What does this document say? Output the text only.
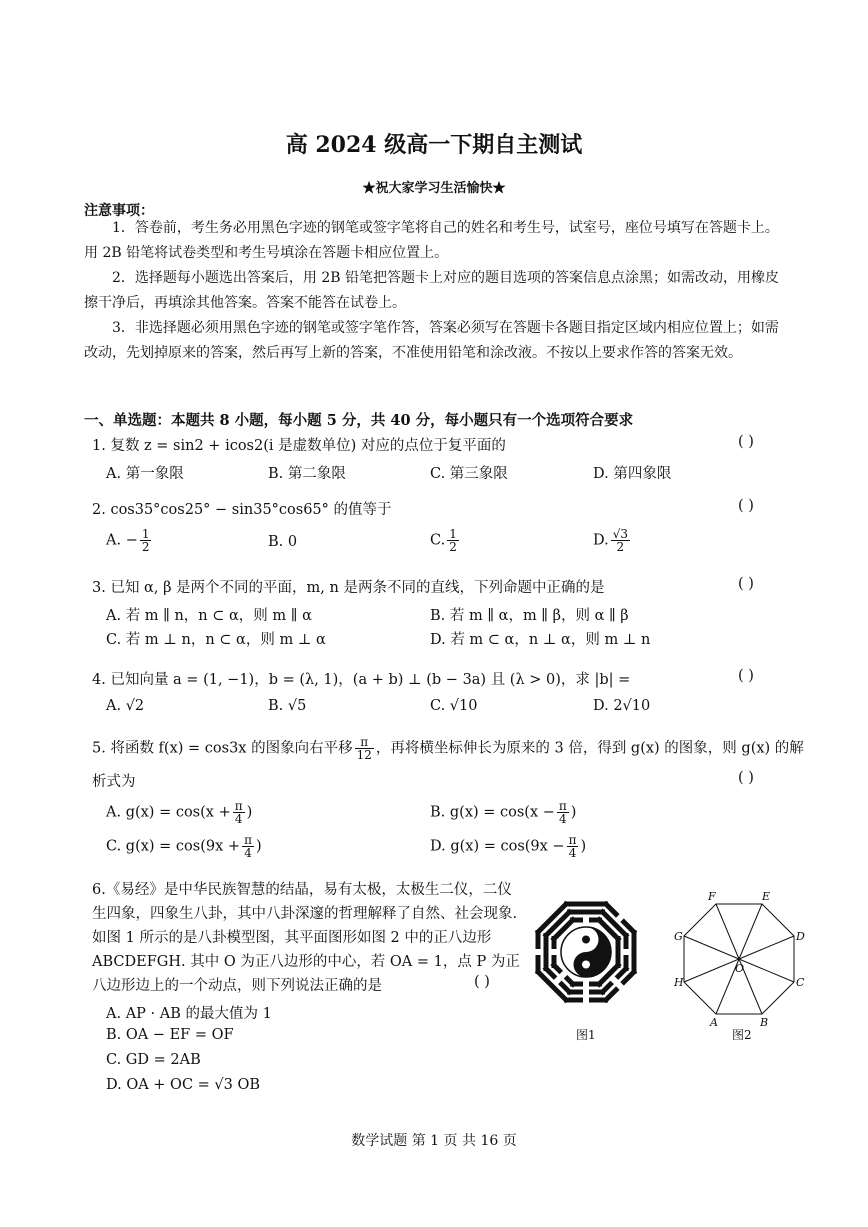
高 2024 级高一下期自主测试
★祝大家学习生活愉快★
注意事项：
1．答卷前，考生务必用黑色字迹的钢笔或签字笔将自己的姓名和考生号，试室号，座位号填写在答题卡上。用 2B 铅笔将试卷类型和考生号填涂在答题卡相应位置上。
2．选择题每小题选出答案后，用 2B 铅笔把答题卡上对应的题目选项的答案信息点涂黑；如需改动，用橡皮擦干净后，再填涂其他答案。答案不能答在试卷上。
3．非选择题必须用黑色字迹的钢笔或签字笔作答，答案必须写在答题卡各题目指定区域内相应位置上；如需改动，先划掉原来的答案，然后再写上新的答案，不准使用铅笔和涂改液。不按以上要求作答的答案无效。
一、单选题：本题共 8 小题，每小题 5 分，共 40 分，每小题只有一个选项符合要求
1. 复数 z = sin2 + icos2(i 是虚数单位) 对应的点位于复平面的	( )
A. 第一象限	B. 第二象限	C. 第三象限	D. 第四象限
2. cos35°cos25° − sin35°cos65° 的值等于	( )
A. − $\frac{1}{2}$	B. 0	C. $\frac{1}{2}$	D. $\frac{√3}{2}$
3. 已知 α, β 是两个不同的平面，m, n 是两条不同的直线，下列命题中正确的是	( )
A. 若 m ∥ n，n ⊂ α，则 m ∥ α	B. 若 m ∥ α，m ∥ β，则 α ∥ β
C. 若 m ⊥ n，n ⊂ α，则 m ⊥ α	D. 若 m ⊂ α，n ⊥ α，则 m ⊥ n
4. 已知向量 a = (1, −1)，b = (λ, 1)，(a + b) ⊥ (b − 3a) 且 (λ > 0)，求 |b| =	( )
A. √2	B. √5	C. √10	D. 2√10
5. 将函数 f(x) = cos3x 的图象向右平移 $\frac{\pi}{12}$ ，再将横坐标伸长为原来的 3 倍，得到 g(x) 的图象，则 g(x) 的解
析式为	( )
A. $g(x) = \cos(x + \frac{\pi}{4}$ )	B. $g(x) = \cos(x - \frac{\pi}{4}$ )
C. $g(x) = \cos(9x + \frac{\pi}{4}$ )	D. $g(x) = \cos(9x - \frac{\pi}{4}$ )
6.《易经》是中华民族智慧的结晶，易有太极，太极生二仪，二仪生四象，四象生八卦，其中八卦深邃的哲理解释了自然、社会现象. 如图 1 所示的是八卦模型图，其平面图形如图 2 中的正八边形 ABCDEFGH. 其中 O 为正八边形的中心，若 OA = 1，点 P 为正八边形边上的一个动点，则下列说法正确的是	( )
A. AP · AB 的最大值为 1
B. OA − EF = OF
C. GD = 2AB
D. OA + OC = √3 OB
图1
F	E
D
C
B
A
H
G
O
图2
数学试题 第 1 页 共 16 页
